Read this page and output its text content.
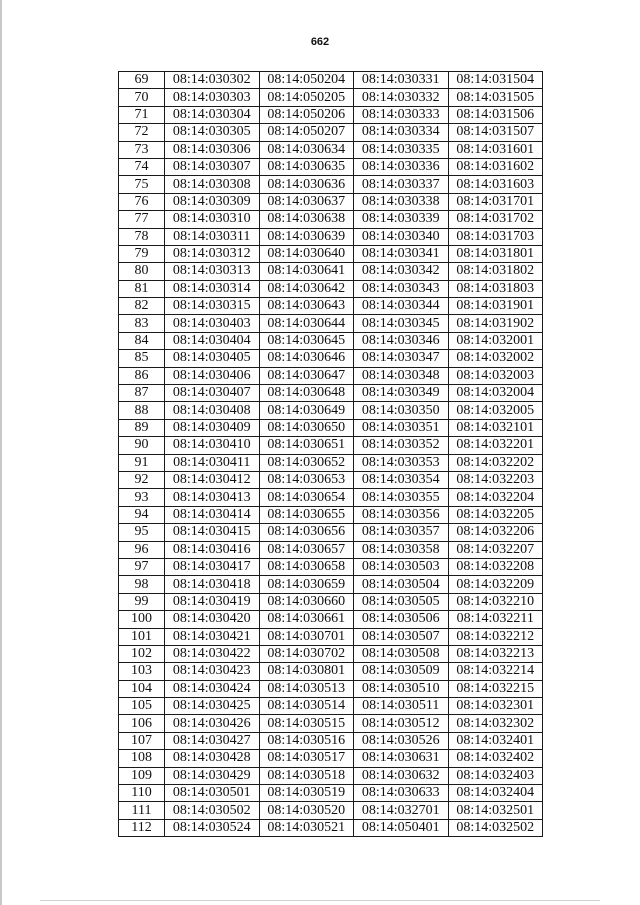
662
69	08:14:030302	08:14:050204	08:14:030331	08:14:031504
70	08:14:030303	08:14:050205	08:14:030332	08:14:031505
71	08:14:030304	08:14:050206	08:14:030333	08:14:031506
72	08:14:030305	08:14:050207	08:14:030334	08:14:031507
73	08:14:030306	08:14:030634	08:14:030335	08:14:031601
74	08:14:030307	08:14:030635	08:14:030336	08:14:031602
75	08:14:030308	08:14:030636	08:14:030337	08:14:031603
76	08:14:030309	08:14:030637	08:14:030338	08:14:031701
77	08:14:030310	08:14:030638	08:14:030339	08:14:031702
78	08:14:030311	08:14:030639	08:14:030340	08:14:031703
79	08:14:030312	08:14:030640	08:14:030341	08:14:031801
80	08:14:030313	08:14:030641	08:14:030342	08:14:031802
81	08:14:030314	08:14:030642	08:14:030343	08:14:031803
82	08:14:030315	08:14:030643	08:14:030344	08:14:031901
83	08:14:030403	08:14:030644	08:14:030345	08:14:031902
84	08:14:030404	08:14:030645	08:14:030346	08:14:032001
85	08:14:030405	08:14:030646	08:14:030347	08:14:032002
86	08:14:030406	08:14:030647	08:14:030348	08:14:032003
87	08:14:030407	08:14:030648	08:14:030349	08:14:032004
88	08:14:030408	08:14:030649	08:14:030350	08:14:032005
89	08:14:030409	08:14:030650	08:14:030351	08:14:032101
90	08:14:030410	08:14:030651	08:14:030352	08:14:032201
91	08:14:030411	08:14:030652	08:14:030353	08:14:032202
92	08:14:030412	08:14:030653	08:14:030354	08:14:032203
93	08:14:030413	08:14:030654	08:14:030355	08:14:032204
94	08:14:030414	08:14:030655	08:14:030356	08:14:032205
95	08:14:030415	08:14:030656	08:14:030357	08:14:032206
96	08:14:030416	08:14:030657	08:14:030358	08:14:032207
97	08:14:030417	08:14:030658	08:14:030503	08:14:032208
98	08:14:030418	08:14:030659	08:14:030504	08:14:032209
99	08:14:030419	08:14:030660	08:14:030505	08:14:032210
100	08:14:030420	08:14:030661	08:14:030506	08:14:032211
101	08:14:030421	08:14:030701	08:14:030507	08:14:032212
102	08:14:030422	08:14:030702	08:14:030508	08:14:032213
103	08:14:030423	08:14:030801	08:14:030509	08:14:032214
104	08:14:030424	08:14:030513	08:14:030510	08:14:032215
105	08:14:030425	08:14:030514	08:14:030511	08:14:032301
106	08:14:030426	08:14:030515	08:14:030512	08:14:032302
107	08:14:030427	08:14:030516	08:14:030526	08:14:032401
108	08:14:030428	08:14:030517	08:14:030631	08:14:032402
109	08:14:030429	08:14:030518	08:14:030632	08:14:032403
110	08:14:030501	08:14:030519	08:14:030633	08:14:032404
111	08:14:030502	08:14:030520	08:14:032701	08:14:032501
112	08:14:030524	08:14:030521	08:14:050401	08:14:032502
